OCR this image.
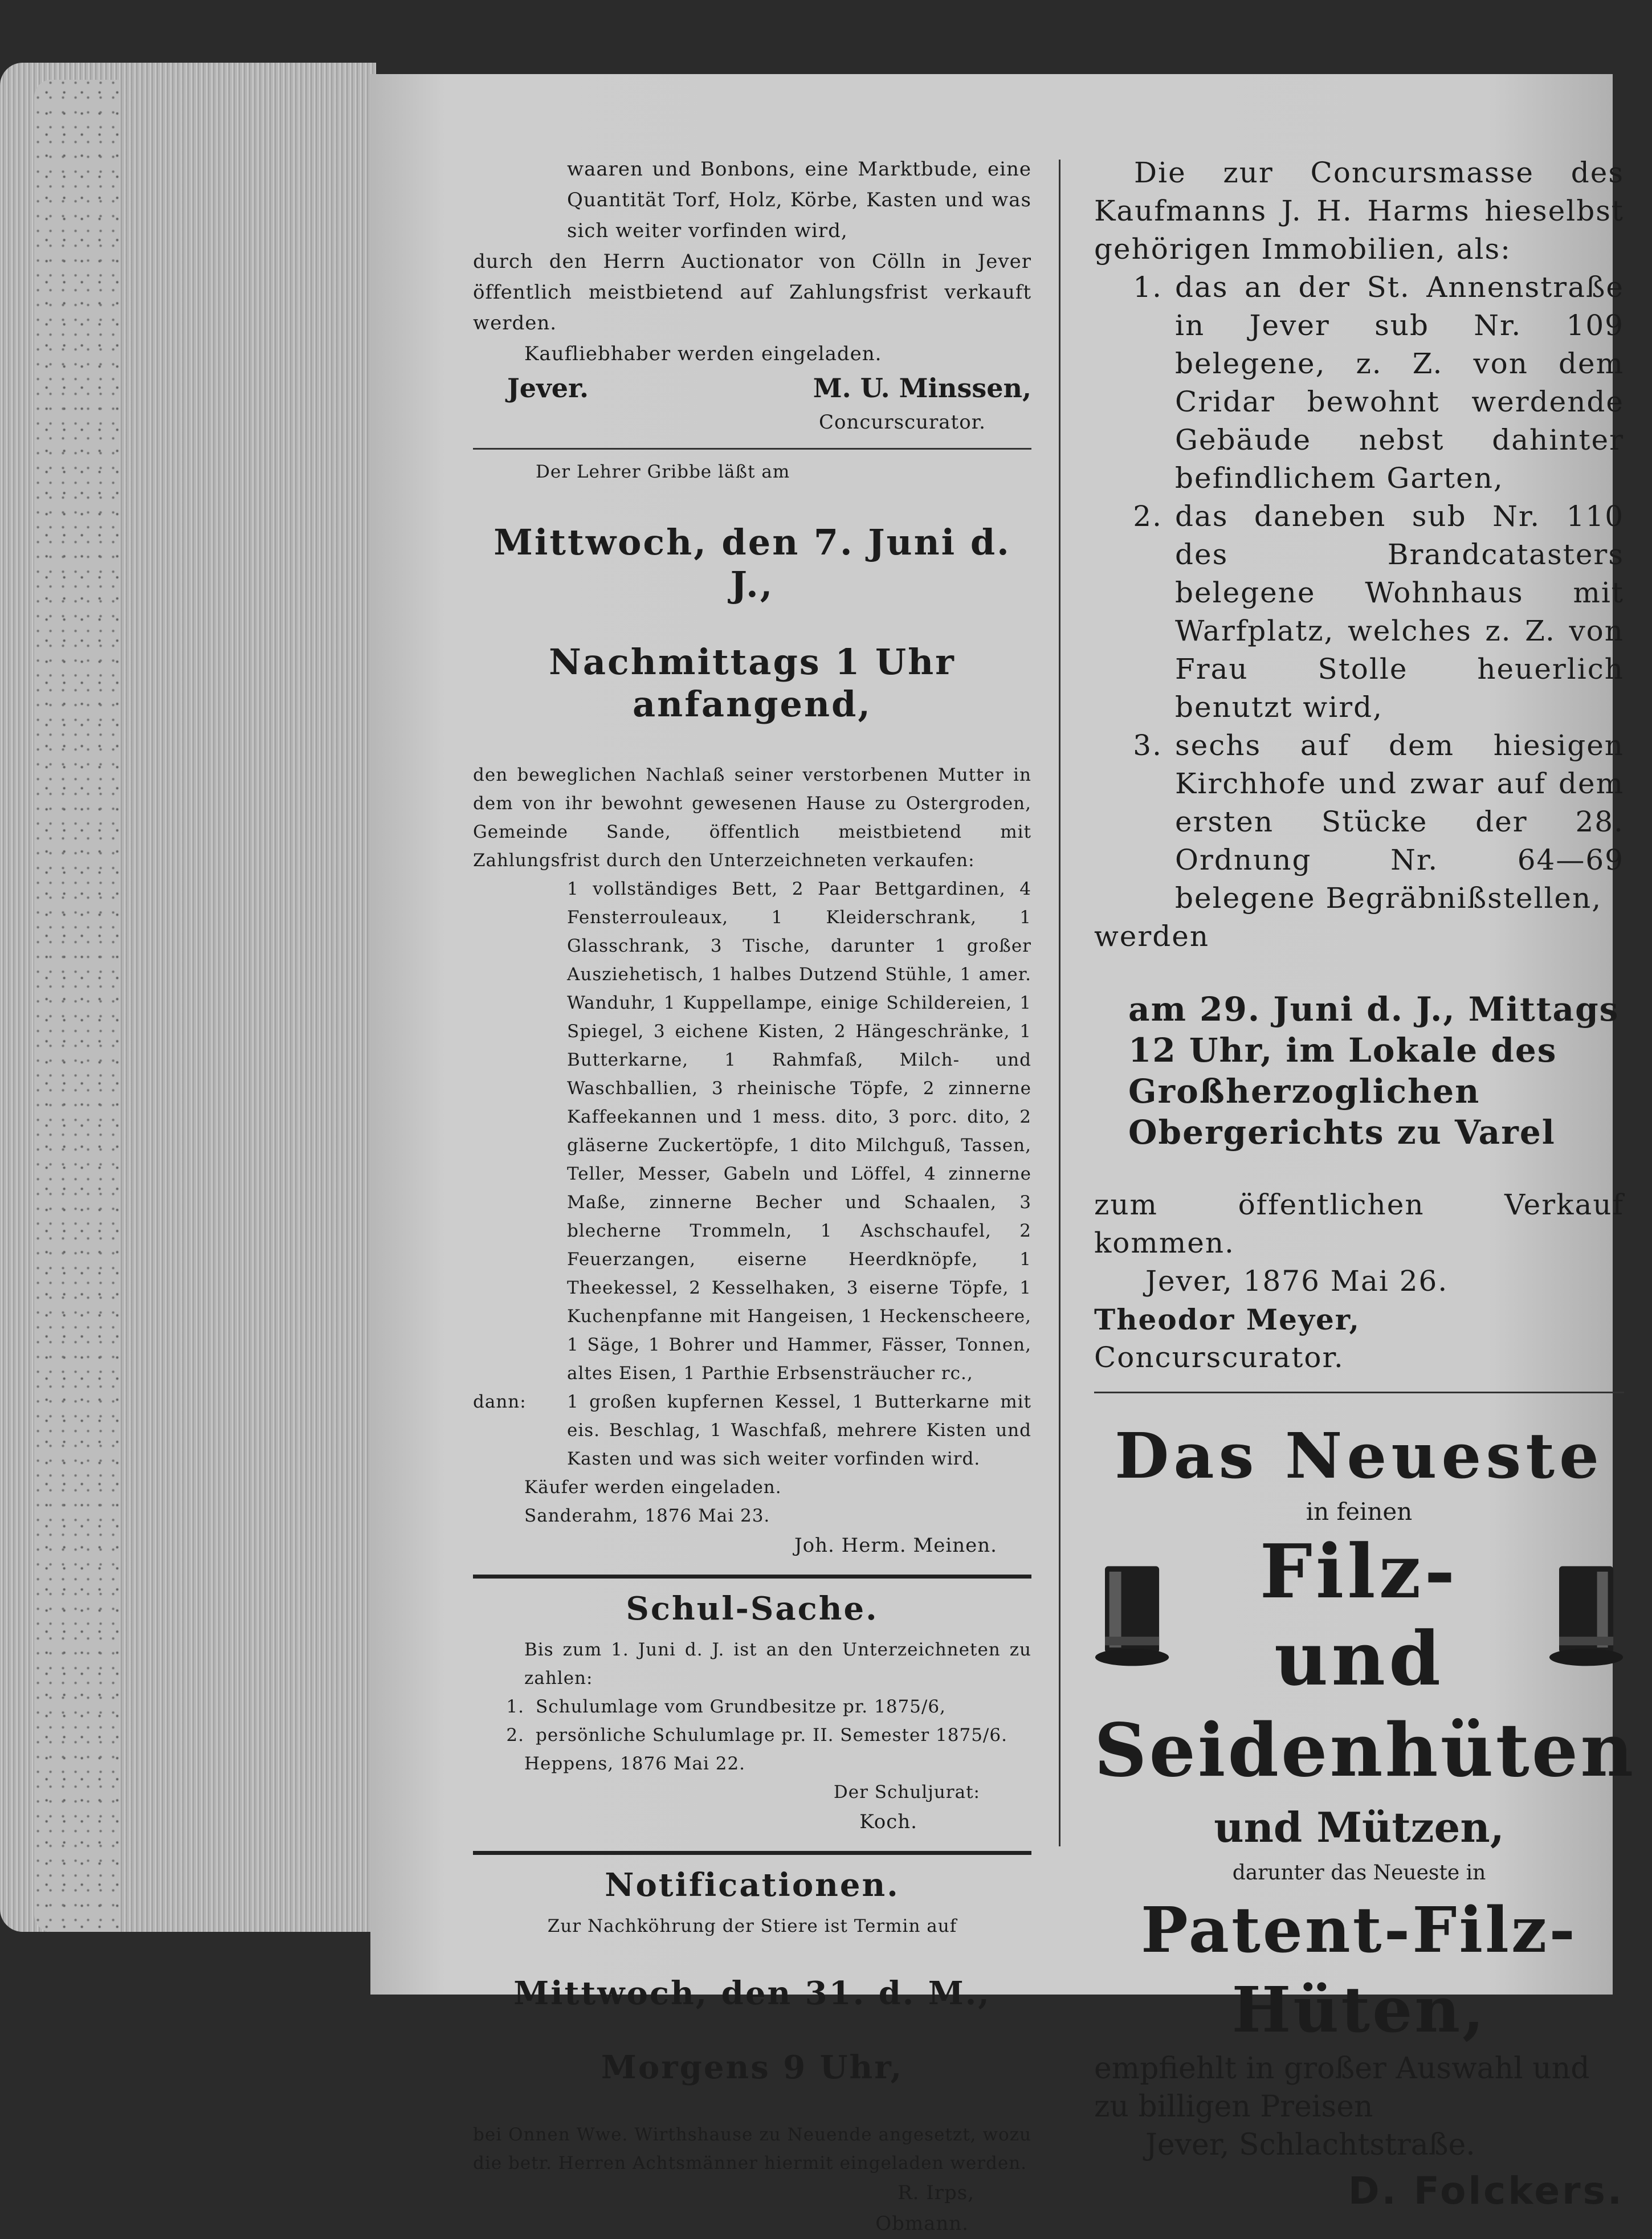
waaren und Bonbons, eine Marktbude, eine Quantität Torf, Holz, Körbe, Kasten und was sich weiter vorfinden wird,

durch den Herrn Auctionator von Cölln in Jever öffentlich meistbietend auf Zahlungsfrist verkauft werden.

Kaufliebhaber werden eingeladen.

Jever.	M. U. Minssen,

Concurscurator.

Der Lehrer Gribbe läßt am

Mittwoch, den 7. Juni d. J.,

Nachmittags 1 Uhr anfangend,

den beweglichen Nachlaß seiner verstorbenen Mutter in dem von ihr bewohnt gewesenen Hause zu Ostergroden, Gemeinde Sande, öffentlich meistbietend mit Zahlungsfrist durch den Unterzeichneten verkaufen:

1 vollständiges Bett, 2 Paar Bettgardinen, 4 Fensterrouleaux, 1 Kleiderschrank, 1 Glasschrank, 3 Tische, darunter 1 großer Ausziehetisch, 1 halbes Dutzend Stühle, 1 amer. Wanduhr, 1 Kuppellampe, einige Schildereien, 1 Spiegel, 3 eichene Kisten, 2 Hängeschränke, 1 Butterkarne, 1 Rahmfaß, Milch- und Waschballien, 3 rheinische Töpfe, 2 zinnerne Kaffeekannen und 1 mess. dito, 3 porc. dito, 2 gläserne Zuckertöpfe, 1 dito Milchguß, Tassen, Teller, Messer, Gabeln und Löffel, 4 zinnerne Maße, zinnerne Becher und Schaalen, 3 blecherne Trommeln, 1 Aschschaufel, 2 Feuerzangen, eiserne Heerdknöpfe, 1 Theekessel, 2 Kesselhaken, 3 eiserne Töpfe, 1 Kuchenpfanne mit Hangeisen, 1 Heckenscheere, 1 Säge, 1 Bohrer und Hammer, Fässer, Tonnen, altes Eisen, 1 Parthie Erbsensträucher rc.,

dann:	1 großen kupfernen Kessel, 1 Butterkarne mit eis. Beschlag, 1 Waschfaß, mehrere Kisten und Kasten und was sich weiter vorfinden wird.

Käufer werden eingeladen.

Sanderahm, 1876 Mai 23.

Joh. Herm. Meinen.

Schul-Sache.

Bis zum 1. Juni d. J. ist an den Unterzeichneten zu zahlen:

1. Schulumlage vom Grundbesitze pr. 1875/6,
2. persönliche Schulumlage pr. II. Semester 1875/6.

Heppens, 1876 Mai 22.

Der Schuljurat:

Koch.

Notificationen.

Zur Nachköhrung der Stiere ist Termin auf

Mittwoch, den 31. d. M.,

Morgens 9 Uhr,

bei Onnen Wwe. Wirthshause zu Neuende angesetzt, wozu die betr. Herren Achtsmänner hiermit eingeladen werden.

R. Irps,

Obmann.

Die zur Concursmasse des Kaufmanns J. H. Harms hieselbst gehörigen Immobilien, als:

1. das an der St. Annenstraße in Jever sub Nr. 109 belegene, z. Z. von dem Cridar bewohnt werdende Gebäude nebst dahinter befindlichem Garten,
2. das daneben sub Nr. 110 des Brandcatasters belegene Wohnhaus mit Warfplatz, welches z. Z. von Frau Stolle heuerlich benutzt wird,
3. sechs auf dem hiesigen Kirchhofe und zwar auf dem ersten Stücke der 28. Ordnung Nr. 64—69 belegene Begräbnißstellen,

werden

am 29. Juni d. J., Mittags 12 Uhr, im Lokale des Großherzoglichen Obergerichts zu Varel

zum öffentlichen Verkauf kommen.

Jever, 1876 Mai 26.

Theodor Meyer,

Concurscurator.

Das Neueste

in feinen

Filz- und

Seidenhüten

und Mützen,

darunter das Neueste in

Patent-Filz-Hüten,

empfiehlt in großer Auswahl und zu billigen Preisen

Jever, Schlachtstraße.

D. Folckers.
